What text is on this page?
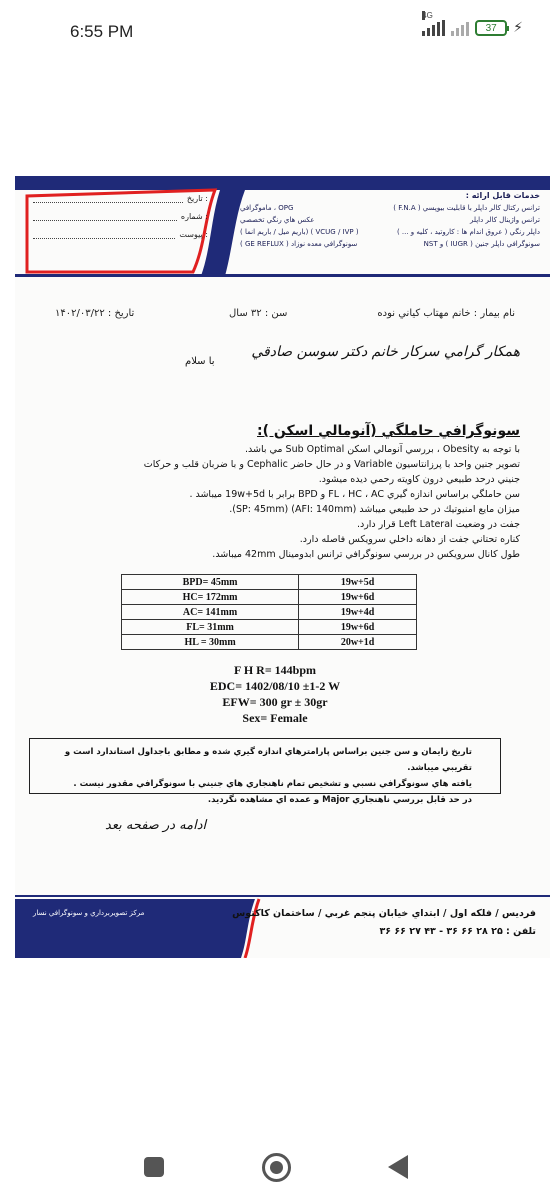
6:55 PM
4G
37 ⚡
تاريخ :
شماره :
پيوست :
خدمات قابل ارائه :
ترانس ركتال كالر داپلر با قابليت بيوپسي ( F.N.A )
OPG ، ماموگرافي
ترانس واژينال كالر داپلر
عكس هاي رنگي تخصصي
داپلر رنگي ( عروق اندام ها : كاروتيد ، كليه و ... )
( VCUG / IVP ) (باريم ميل / باريم انما )
سونوگرافي داپلر جنين ( IUGR ) و NST
سونوگرافي معده نوزاد ( GE REFLUX )
نام بيمار : خانم مهتاب كياني نوده
سن : ۳۲ سال
تاريخ : ۱۴۰۲/۰۳/۲۲
همكار گرامي سركار خانم دكتر سوسن صادقي
با سلام
سونوگرافي حاملگي (آنومالي اسكن ):
با توجه به Obesity ، بررسي آنومالي اسكن Sub Optimal مي باشد.
تصوير جنين واحد با پرزانتاسيون Variable و در حال حاضر Cephalic و با ضربان قلب و حركات
جنيني درحد طبيعي درون كاويته رحمي ديده ميشود.
سن حاملگي براساس اندازه گيري FL ، HC ، AC و BPD برابر با 19w+5d ميباشد .
ميزان مايع امنيوتيك در حد طبيعي ميباشد (AFI: 140mm) (SP: 45mm).
جفت در وضعيت Left Lateral قرار دارد.
كناره تحتاني جفت از دهانه داخلي سرويكس فاصله دارد.
طول كانال سرويكس در بررسي سونوگرافي ترانس ابدومينال 42mm ميباشد.
BPD= 45mm	19w+5d
HC= 172mm	19w+6d
AC= 141mm	19w+4d
FL= 31mm	19w+6d
HL = 30mm	20w+1d
F H R= 144bpm
EDC= 1402/08/10 ±1-2 W
EFW= 300 gr ± 30gr
Sex= Female
تاريخ زايمان و سن جنين براساس پارامترهاي اندازه گيري شده و مطابق باجداول استاندارد است و تقريبي ميباشد.
يافته هاي سونوگرافي نسبي و تشخيص تمام ناهنجاري هاي جنيني با سونوگرافي مقدور نيست .
در حد قابل بررسي ناهنجاري Major و عمده اي مشاهده نگرديد.
ادامه در صفحه بعد
مركز تصويربرداري و سونوگرافي نسار	فرديس / فلكه اول / ابتداي خيابان پنجم غربي / ساختمان كاكتوس
تلفن : ۲۵ ۲۸ ۶۶ ۳۶ - ۴۳ ۲۷ ۶۶ ۳۶
